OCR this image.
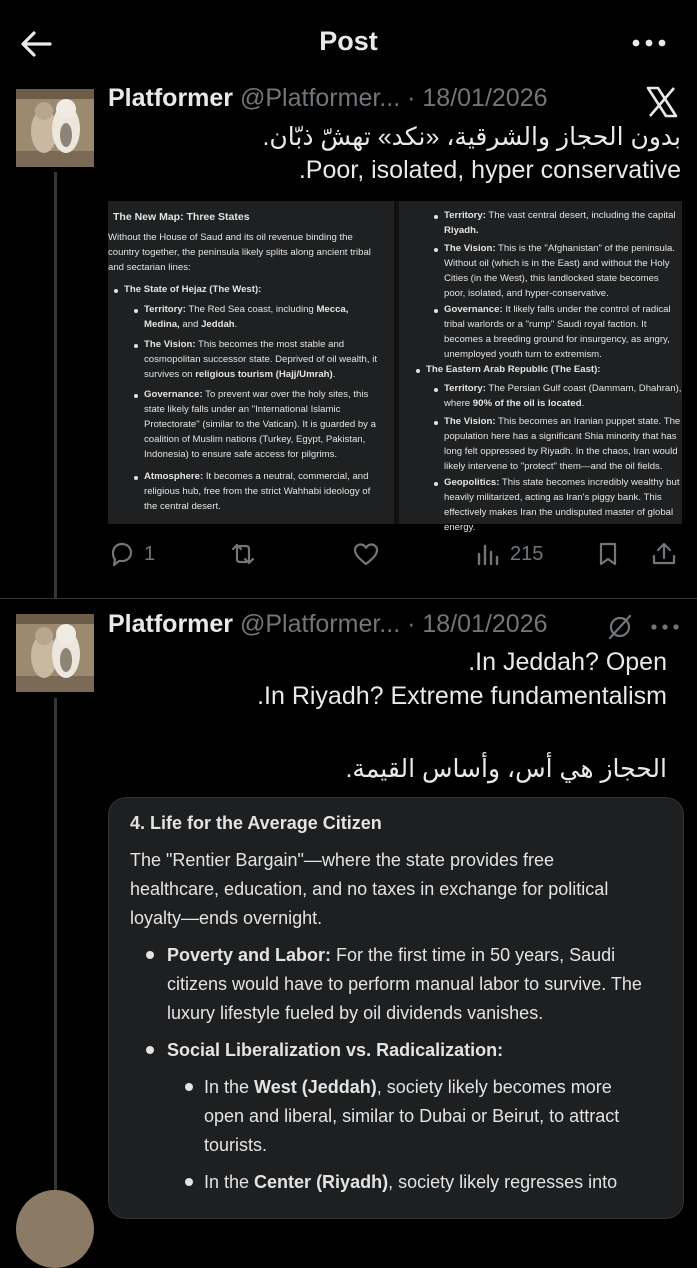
Post
Platformer @Platformer... · 18/01/2026
بدون الحجاز والشرقية، «نكد» تهشّ ذبّان.
.Poor, isolated, hyper conservative
The New Map: Three States
Without the House of Saud and its oil revenue binding the
country together, the peninsula likely splits along ancient tribal
and sectarian lines:
The State of Hejaz (The West):
Territory: The Red Sea coast, including Mecca,
Medina, and Jeddah.
The Vision: This becomes the most stable and
cosmopolitan successor state. Deprived of oil wealth, it
survives on religious tourism (Hajj/Umrah).
Governance: To prevent war over the holy sites, this
state likely falls under an "International Islamic
Protectorate" (similar to the Vatican). It is guarded by a
coalition of Muslim nations (Turkey, Egypt, Pakistan,
Indonesia) to ensure safe access for pilgrims.
Atmosphere: It becomes a neutral, commercial, and
religious hub, free from the strict Wahhabi ideology of
the central desert.
Territory: The vast central desert, including the capital
Riyadh.
The Vision: This is the "Afghanistan" of the peninsula.
Without oil (which is in the East) and without the Holy
Cities (in the West), this landlocked state becomes
poor, isolated, and hyper-conservative.
Governance: It likely falls under the control of radical
tribal warlords or a "rump" Saudi royal faction. It
becomes a breeding ground for insurgency, as angry,
unemployed youth turn to extremism.
The Eastern Arab Republic (The East):
Territory: The Persian Gulf coast (Dammam, Dhahran),
where 90% of the oil is located.
The Vision: This becomes an Iranian puppet state. The
population here has a significant Shia minority that has
long felt oppressed by Riyadh. In the chaos, Iran would
likely intervene to "protect" them—and the oil fields.
Geopolitics: This state becomes incredibly wealthy but
heavily militarized, acting as Iran's piggy bank. This
effectively makes Iran the undisputed master of global
energy.
1	215
Platformer @Platformer... · 18/01/2026
.In Jeddah? Open
.In Riyadh? Extreme fundamentalism
الحجاز هي أس، وأساس القيمة.
4. Life for the Average Citizen
The "Rentier Bargain"—where the state provides free
healthcare, education, and no taxes in exchange for political
loyalty—ends overnight.
Poverty and Labor: For the first time in 50 years, Saudi
citizens would have to perform manual labor to survive. The
luxury lifestyle fueled by oil dividends vanishes.
Social Liberalization vs. Radicalization:
In the West (Jeddah), society likely becomes more
open and liberal, similar to Dubai or Beirut, to attract
tourists.
In the Center (Riyadh), society likely regresses into
